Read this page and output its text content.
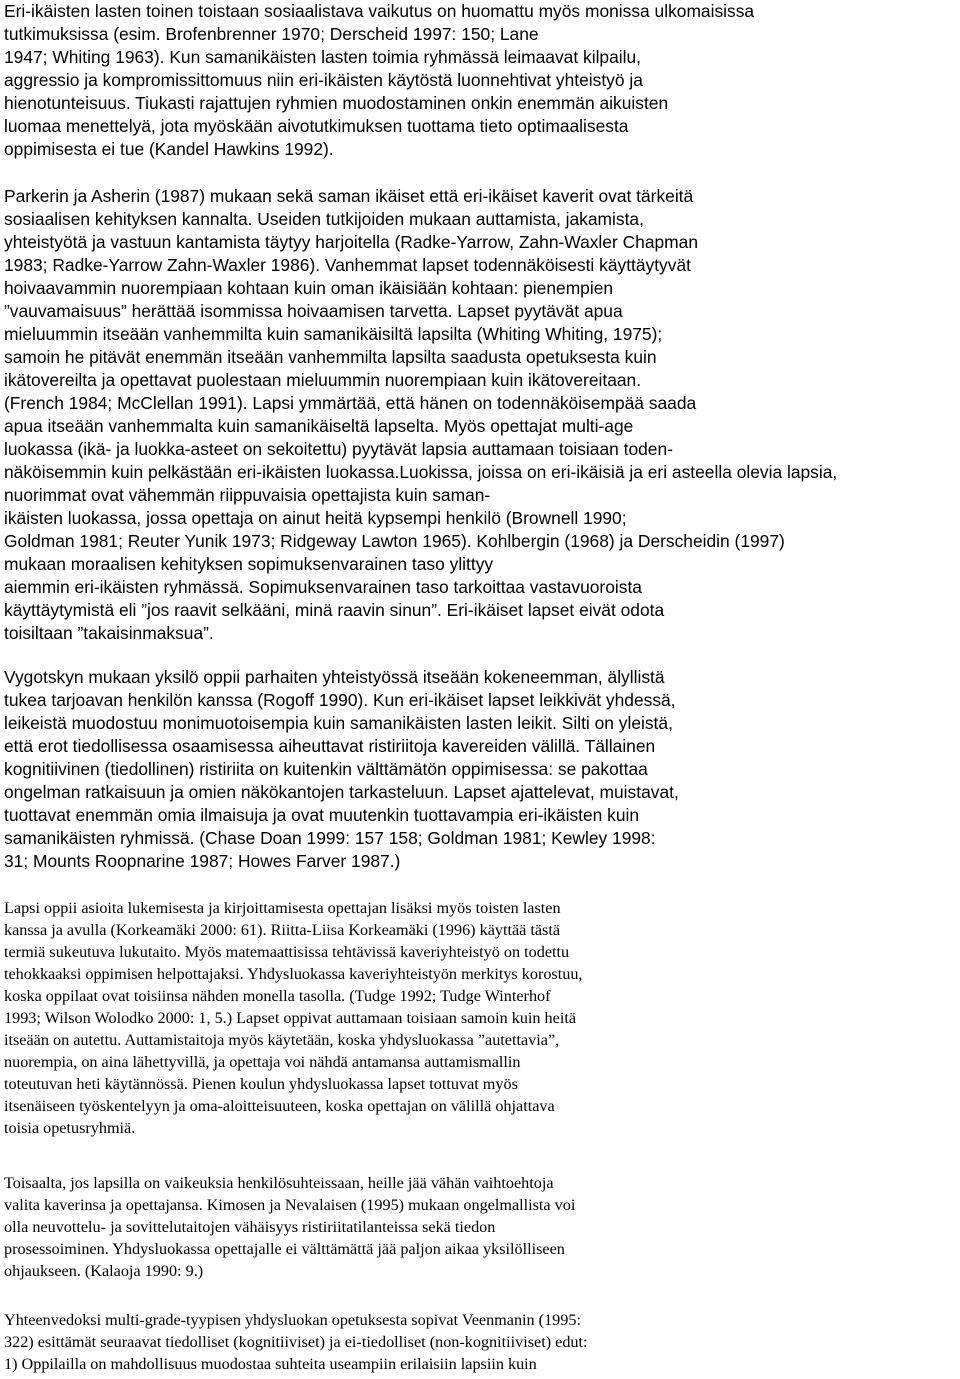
Eri-ikäisten lasten toinen toistaan sosiaalistava vaikutus on huomattu myös monissa ulkomaisissa
tutkimuksissa (esim. Brofenbrenner 1970; Derscheid 1997: 150; Lane
1947; Whiting 1963). Kun samanikäisten lasten toimia ryhmässä leimaavat kilpailu,
aggressio ja kompromissittomuus niin eri-ikäisten käytöstä luonnehtivat yhteistyö ja
hienotunteisuus. Tiukasti rajattujen ryhmien muodostaminen onkin enemmän aikuisten
luomaa menettelyä, jota myöskään aivotutkimuksen tuottama tieto optimaalisesta
oppimisesta ei tue (Kandel Hawkins 1992).
Parkerin ja Asherin (1987) mukaan sekä saman ikäiset että eri-ikäiset kaverit ovat tärkeitä
sosiaalisen kehityksen kannalta. Useiden tutkijoiden mukaan auttamista, jakamista,
yhteistyötä ja vastuun kantamista täytyy harjoitella (Radke-Yarrow, Zahn-Waxler Chapman
1983; Radke-Yarrow Zahn-Waxler 1986). Vanhemmat lapset todennäköisesti käyttäytyvät
hoivaavammin nuorempiaan kohtaan kuin oman ikäisiään kohtaan: pienempien
”vauvamaisuus” herättää isommissa hoivaamisen tarvetta. Lapset pyytävät apua
mieluummin itseään vanhemmilta kuin samanikäisiltä lapsilta (Whiting Whiting, 1975);
samoin he pitävät enemmän itseään vanhemmilta lapsilta saadusta opetuksesta kuin
ikätovereilta ja opettavat puolestaan mieluummin nuorempiaan kuin ikätovereitaan.
(French 1984; McClellan 1991). Lapsi ymmärtää, että hänen on todennäköisempää saada
apua itseään vanhemmalta kuin samanikäiseltä lapselta. Myös opettajat multi-age
luokassa (ikä- ja luokka-asteet on sekoitettu) pyytävät lapsia auttamaan toisiaan toden-
näköisemmin kuin pelkästään eri-ikäisten luokassa.Luokissa, joissa on eri-ikäisiä ja eri asteella olevia lapsia,
nuorimmat ovat vähemmän riippuvaisia opettajista kuin saman-
ikäisten luokassa, jossa opettaja on ainut heitä kypsempi henkilö (Brownell 1990;
Goldman 1981; Reuter Yunik 1973; Ridgeway Lawton 1965). Kohlbergin (1968) ja Derscheidin (1997)
mukaan moraalisen kehityksen sopimuksenvarainen taso ylittyy
aiemmin eri-ikäisten ryhmässä. Sopimuksenvarainen taso tarkoittaa vastavuoroista
käyttäytymistä eli ”jos raavit selkääni, minä raavin sinun”. Eri-ikäiset lapset eivät odota
toisiltaan ”takaisinmaksua”.
Vygotskyn mukaan yksilö oppii parhaiten yhteistyössä itseään kokeneemman, älyllistä
tukea tarjoavan henkilön kanssa (Rogoff 1990). Kun eri-ikäiset lapset leikkivät yhdessä,
leikeistä muodostuu monimuotoisempia kuin samanikäisten lasten leikit. Silti on yleistä,
että erot tiedollisessa osaamisessa aiheuttavat ristiriitoja kavereiden välillä. Tällainen
kognitiivinen (tiedollinen) ristiriita on kuitenkin välttämätön oppimisessa: se pakottaa
ongelman ratkaisuun ja omien näkökantojen tarkasteluun. Lapset ajattelevat, muistavat,
tuottavat enemmän omia ilmaisuja ja ovat muutenkin tuottavampia eri-ikäisten kuin
samanikäisten ryhmissä. (Chase Doan 1999: 157 158; Goldman 1981; Kewley 1998:
31; Mounts Roopnarine 1987; Howes Farver 1987.)
Lapsi oppii asioita lukemisesta ja kirjoittamisesta opettajan lisäksi myös toisten lasten
kanssa ja avulla (Korkeamäki 2000: 61). Riitta-Liisa Korkeamäki (1996) käyttää tästä
termiä sukeutuva lukutaito. Myös matemaattisissa tehtävissä kaveriyhteistyö on todettu
tehokkaaksi oppimisen helpottajaksi. Yhdysluokassa kaveriyhteistyön merkitys korostuu,
koska oppilaat ovat toisiinsa nähden monella tasolla. (Tudge 1992; Tudge Winterhof
1993; Wilson Wolodko 2000: 1, 5.) Lapset oppivat auttamaan toisiaan samoin kuin heitä
itseään on autettu. Auttamistaitoja myös käytetään, koska yhdysluokassa ”autettavia”,
nuorempia, on aina lähettyvillä, ja opettaja voi nähdä antamansa auttamismallin
toteutuvan heti käytännössä. Pienen koulun yhdysluokassa lapset tottuvat myös
itsenäiseen työskentelyyn ja oma-aloitteisuuteen, koska opettajan on välillä ohjattava
toisia opetusryhmiä.
Toisaalta, jos lapsilla on vaikeuksia henkilösuhteissaan, heille jää vähän vaihtoehtoja
valita kaverinsa ja opettajansa. Kimosen ja Nevalaisen (1995) mukaan ongelmallista voi
olla neuvottelu- ja sovittelutaitojen vähäisyys ristiriitatilanteissa sekä tiedon
prosessoiminen. Yhdysluokassa opettajalle ei välttämättä jää paljon aikaa yksilölliseen
ohjaukseen. (Kalaoja 1990: 9.)
Yhteenvedoksi multi-grade-tyypisen yhdysluokan opetuksesta sopivat Veenmanin (1995:
322) esittämät seuraavat tiedolliset (kognitiiviset) ja ei-tiedolliset (non-kognitiiviset) edut:
1) Oppilailla on mahdollisuus muodostaa suhteita useampiin erilaisiin lapsiin kuin
